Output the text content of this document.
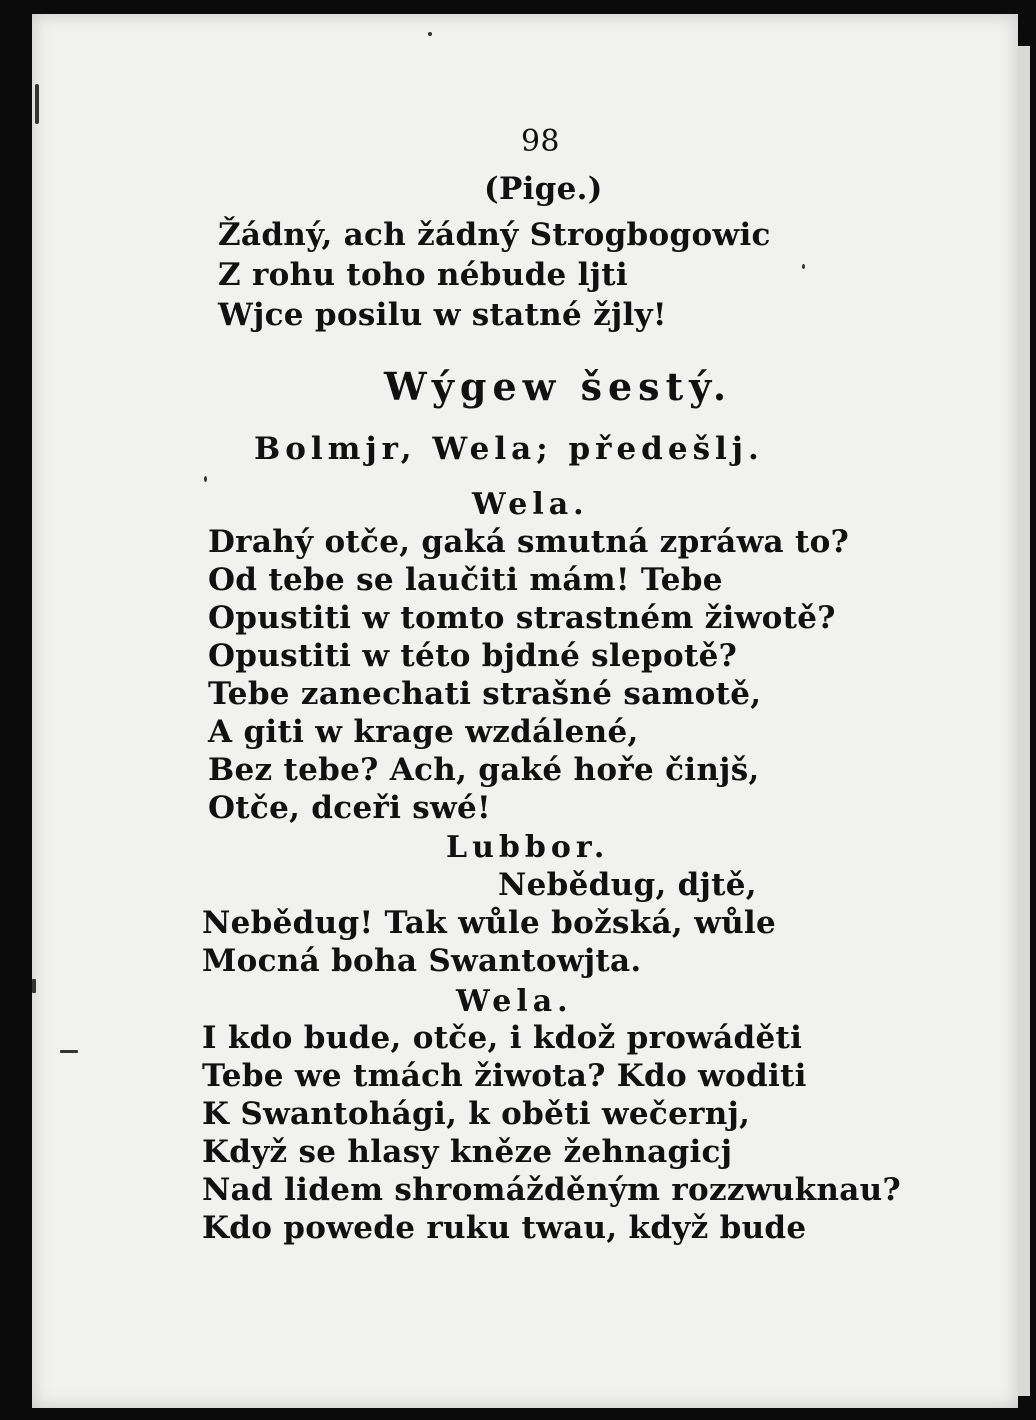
98
(Pige.)
Žádný, ach žádný Strogbogowic
Z rohu toho nébude ljti
Wjce posilu w statné žjly!
Wýgew šestý.
Bolmjr, Wela; předešlj.
Wela.
Drahý otče, gaká smutná zpráwa to?
Od tebe se laučiti mám! Tebe
Opustiti w tomto strastném žiwotě?
Opustiti w této bjdné slepotě?
Tebe zanechati strašné samotě,
A giti w krage wzdálené,
Bez tebe? Ach, gaké hoře činjš,
Otče, dceři swé!
Lubbor.
Nebědug, djtě,
Nebědug! Tak wůle božská, wůle
Mocná boha Swantowjta.
Wela.
I kdo bude, otče, i kdož prowáděti
Tebe we tmách žiwota? Kdo woditi
K Swantohági, k oběti wečernj,
Když se hlasy kněze žehnagicj
Nad lidem shromážděným rozzwuknau?
Kdo powede ruku twau, když bude
